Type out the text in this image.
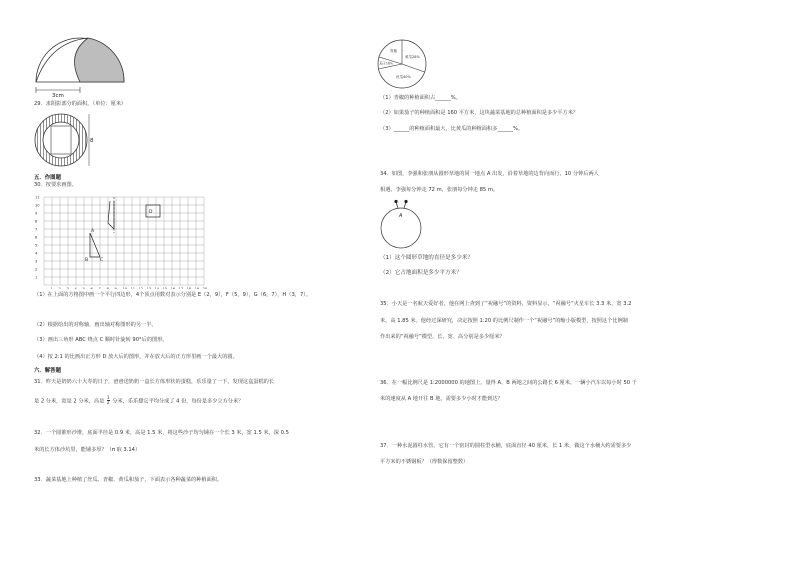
3cm
29．求阴影部分的面积。（单位：厘米）
8
五．作图题
30．按要求画图。
1 2 3 4 5 6 7 8 9 10 11 12 13 14 15 16 17 18 19 20
11
10
9
8
7
6
5
4
3
2
1
A
B	C
D
（1）在上面的方格图中画一个平行四边形，4个顶点用数对表示分别是 E（2，9），F（5，9），G（6，7），H（3，7）。
（2）根据给出的对称轴，画出轴对称图形的另一半。
（3）画出三角形 ABC 绕点 C 顺时针旋转 90°后的图形。
（4）按 2:1 的比画出正方形 D 放大后的图形，并在放大后的正方形里画一个最大的圆。
六．解答题
31．昨天是奶奶六十大寿的日子，爸爸送奶奶一盒长方体形状的蛋糕，乐乐量了一下，发现这盒蛋糕的长
是 2 分米，宽是 2 分米，高是 $\frac{1}{2}$ 分米，乐乐想它平均分成了 4 份，每份是多少立方分米？
32．一个圆锥形沙堆，底面半径是 0.9 米，高是 1.5 米，将这些沙子均匀铺在一个长 3 米，宽 1.5 米，深 0.5
米的长方体沙坑里，能铺多厚？（π 取 3.14）
33．蔬菜基地上种植了丝瓜、青椒、黄瓜和茄子，下面表示各种蔬菜的种植面积。
青椒
黄瓜28%
茄子16%
丝瓜40%
（1）青椒的种植面积占______%。
（2）如果茄子的种植面积是 160 平方米，这块蔬菜基地的总种植面积是多少平方米？
（3）______的种植面积最大，比黄瓜的种植面积多______%。
34．如图，李强和张朋从圆形草地的同一地点 A 出发，沿着草地的边背向而行，10 分钟后两人
相遇。李强每分钟走 72 m，张朋每分钟走 85 m。
A
（1）这个圆形草地的直径是多少米？
（2）它占地面积是多少平方米？
35．小天是一名航天爱好者，他在网上查到了“祝融号”的资料，资料显示，“祝融号”火星车长 3.3 米，宽 3.2
米，高 1.85 米。他经过深研究，决定按照 1:20 的比例尺制作一个“祝融号”的缩小版模型，按照这个比例制
作出来的“祝融号”模型，长、宽、高分别是多少厘米？
36．在一幅比例尺是 1:2000000 的地图上，量得 A、B 两地之间的公路长 6 厘米。一辆小汽车以每小时 50 千
米的速度从 A 地开往 B 地，需要多少小时才能到达？
37．一种水泥圆柱水管，它有一个密封的圆柱型水桶，底面直径 40 厘米，长 1 米，做这个水桶大约需要多少
平方米的不锈钢板？（得数保留整数）
